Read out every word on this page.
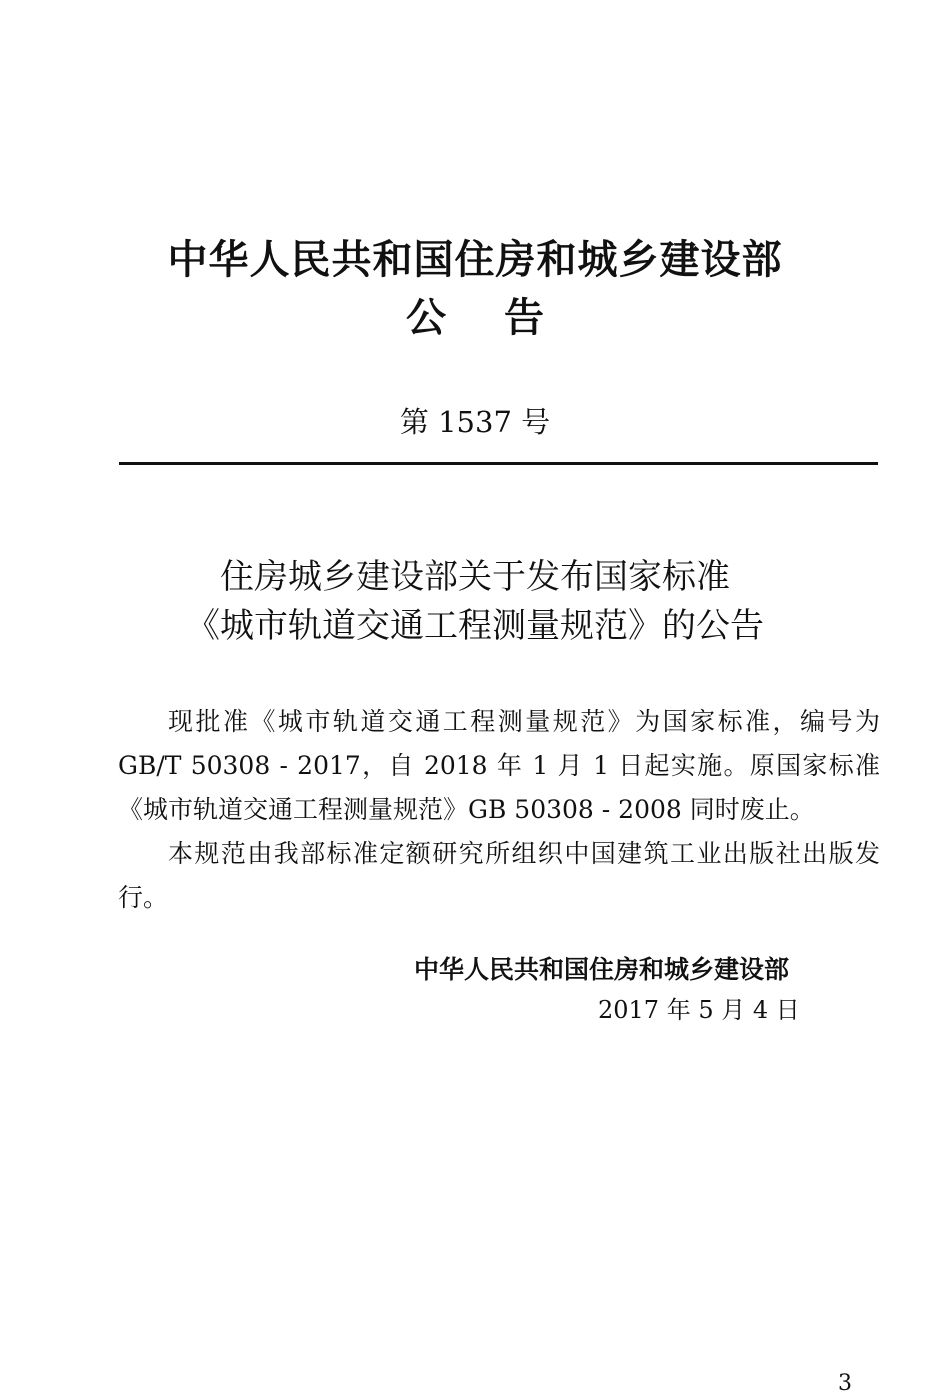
中华人民共和国住房和城乡建设部
公告
第 1537 号
住房城乡建设部关于发布国家标准
《城市轨道交通工程测量规范》的公告

现批准《城市轨道交通工程测量规范》为国家标准，编号为GB/T 50308 - 2017，自 2018 年 1 月 1 日起实施。原国家标准《城市轨道交通工程测量规范》GB 50308 - 2008 同时废止。

本规范由我部标准定额研究所组织中国建筑工业出版社出版发行。

中华人民共和国住房和城乡建设部
2017 年 5 月 4 日
3
